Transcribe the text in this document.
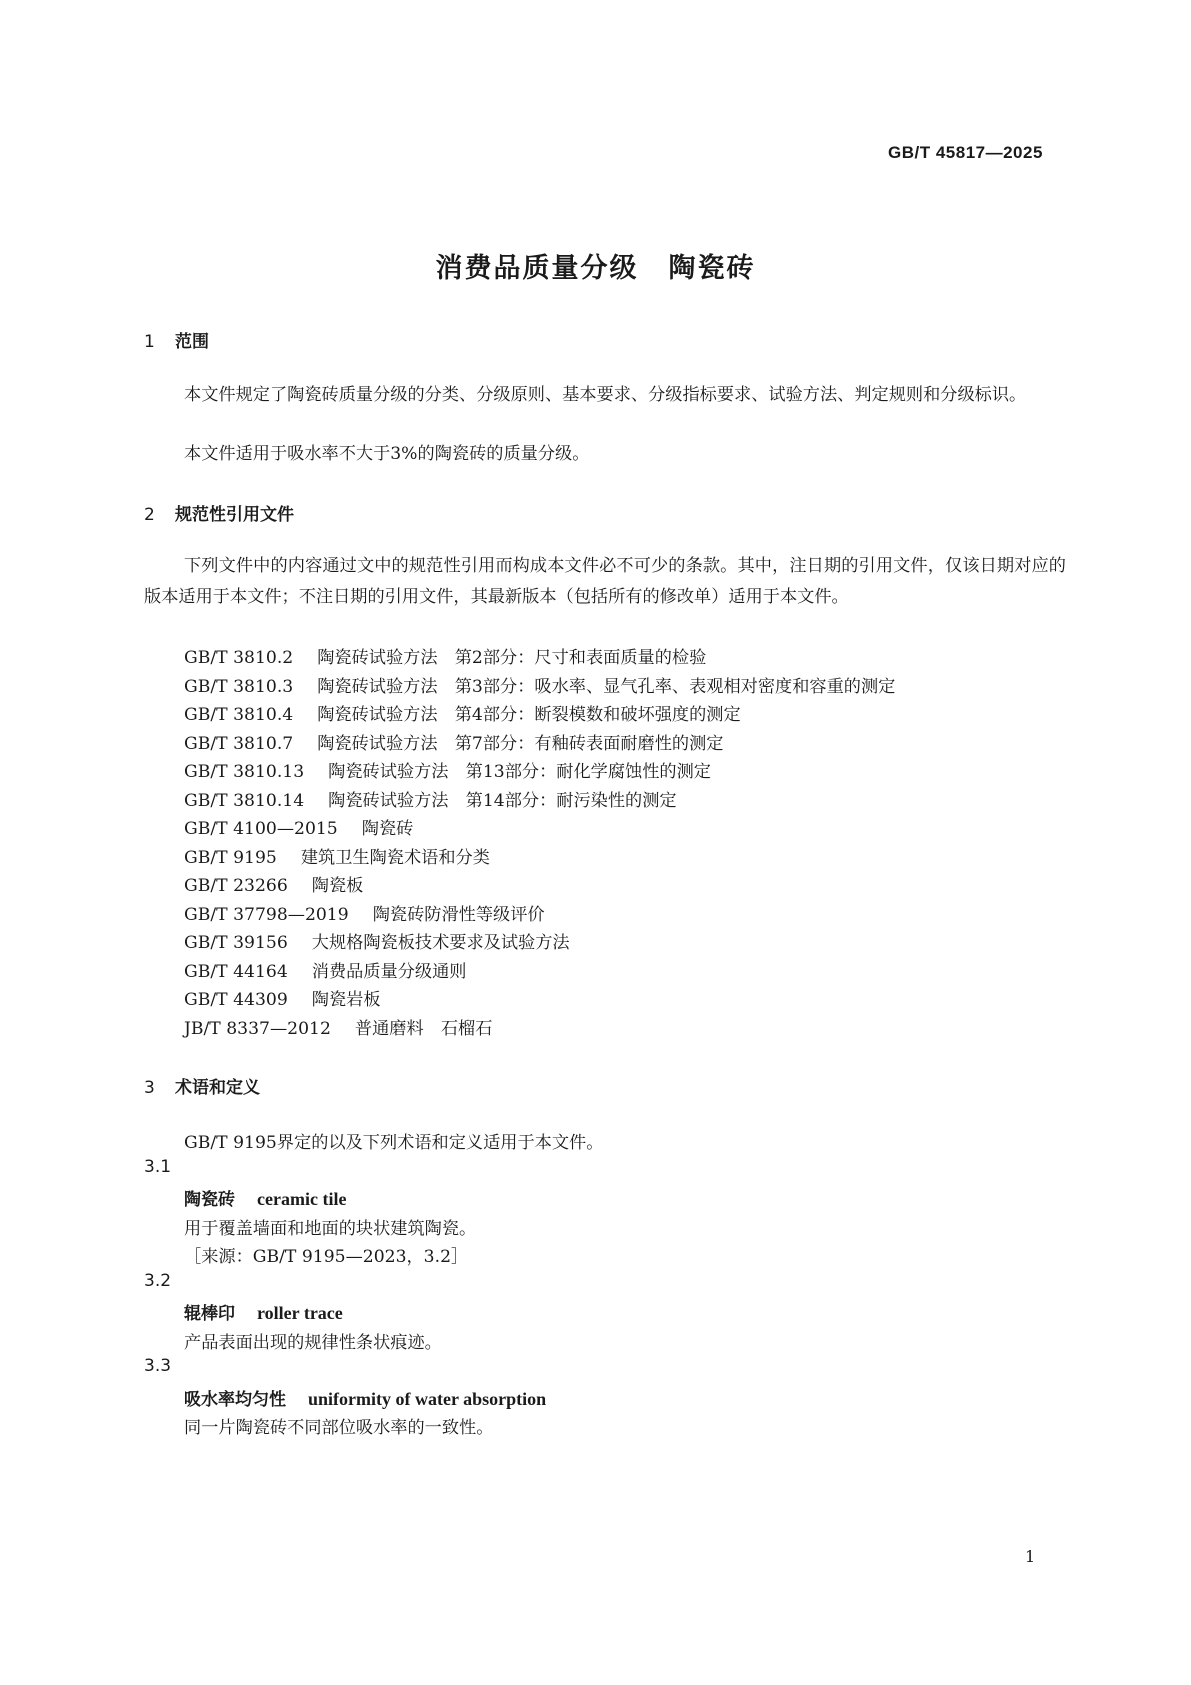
GB/T 45817—2025
消费品质量分级 陶瓷砖
1 范围
本文件规定了陶瓷砖质量分级的分类、分级原则、基本要求、分级指标要求、试验方法、判定规则和分级标识。
本文件适用于吸水率不大于3%的陶瓷砖的质量分级。
2 规范性引用文件
下列文件中的内容通过文中的规范性引用而构成本文件必不可少的条款。其中，注日期的引用文件，仅该日期对应的版本适用于本文件；不注日期的引用文件，其最新版本（包括所有的修改单）适用于本文件。
GB/T 3810.2 陶瓷砖试验方法　第2部分：尺寸和表面质量的检验
GB/T 3810.3 陶瓷砖试验方法　第3部分：吸水率、显气孔率、表观相对密度和容重的测定
GB/T 3810.4 陶瓷砖试验方法　第4部分：断裂模数和破坏强度的测定
GB/T 3810.7 陶瓷砖试验方法　第7部分：有釉砖表面耐磨性的测定
GB/T 3810.13 陶瓷砖试验方法　第13部分：耐化学腐蚀性的测定
GB/T 3810.14 陶瓷砖试验方法　第14部分：耐污染性的测定
GB/T 4100—2015 陶瓷砖
GB/T 9195 建筑卫生陶瓷术语和分类
GB/T 23266 陶瓷板
GB/T 37798—2019 陶瓷砖防滑性等级评价
GB/T 39156 大规格陶瓷板技术要求及试验方法
GB/T 44164 消费品质量分级通则
GB/T 44309 陶瓷岩板
JB/T 8337—2012 普通磨料　石榴石
3 术语和定义
GB/T 9195界定的以及下列术语和定义适用于本文件。
3.1
陶瓷砖 ceramic tile
用于覆盖墙面和地面的块状建筑陶瓷。
［来源：GB/T 9195—2023，3.2］
3.2
辊棒印 roller trace
产品表面出现的规律性条状痕迹。
3.3
吸水率均匀性 uniformity of water absorption
同一片陶瓷砖不同部位吸水率的一致性。
1
